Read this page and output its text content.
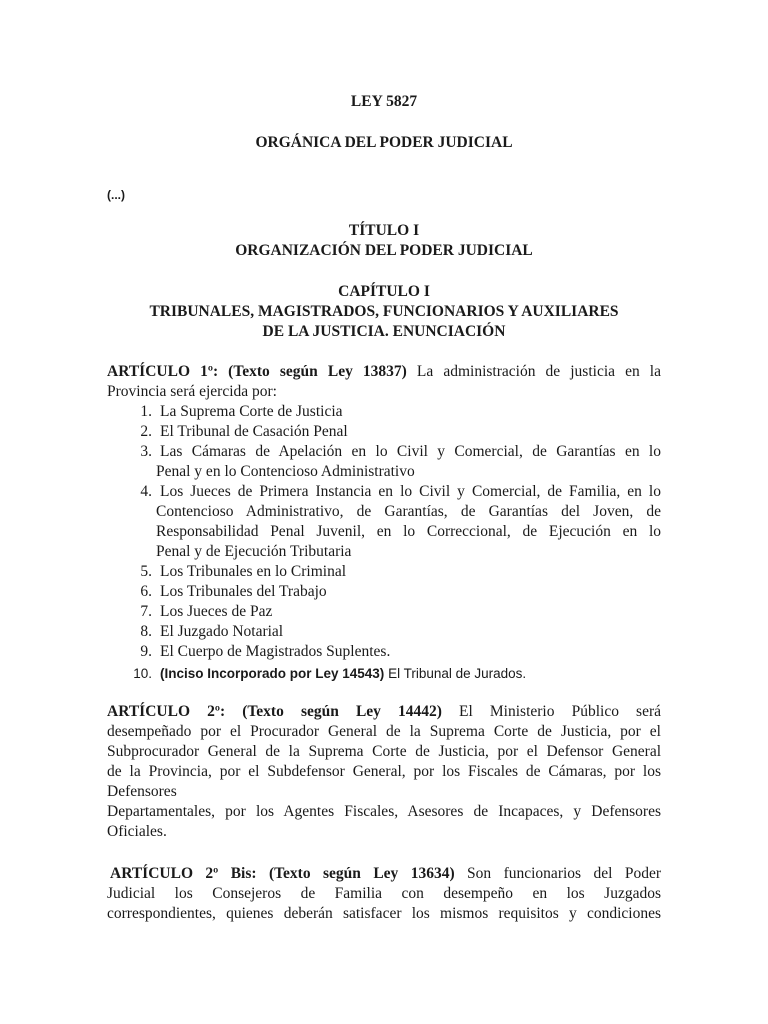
LEY 5827
ORGÁNICA DEL PODER JUDICIAL
(...)
TÍTULO I
ORGANIZACIÓN DEL PODER JUDICIAL
CAPÍTULO I
TRIBUNALES, MAGISTRADOS, FUNCIONARIOS Y AUXILIARES
DE LA JUSTICIA. ENUNCIACIÓN
ARTÍCULO 1º: (Texto según Ley 13837) La administración de justicia en la
Provincia será ejercida por:
1. La Suprema Corte de Justicia
2. El Tribunal de Casación Penal
3. Las Cámaras de Apelación en lo Civil y Comercial, de Garantías en lo
Penal y en lo Contencioso Administrativo
4. Los Jueces de Primera Instancia en lo Civil y Comercial, de Familia, en lo
Contencioso Administrativo, de Garantías, de Garantías del Joven, de
Responsabilidad Penal Juvenil, en lo Correccional, de Ejecución en lo
Penal y de Ejecución Tributaria
5. Los Tribunales en lo Criminal
6. Los Tribunales del Trabajo
7. Los Jueces de Paz
8. El Juzgado Notarial
9. El Cuerpo de Magistrados Suplentes.
10. (Inciso Incorporado por Ley 14543) El Tribunal de Jurados.
ARTÍCULO 2º: (Texto según Ley 14442) El Ministerio Público será
desempeñado por el Procurador General de la Suprema Corte de Justicia, por el
Subprocurador General de la Suprema Corte de Justicia, por el Defensor General
de la Provincia, por el Subdefensor General, por los Fiscales de Cámaras, por los
Defensores
Departamentales, por los Agentes Fiscales, Asesores de Incapaces, y Defensores
Oficiales.
ARTÍCULO 2º Bis: (Texto según Ley 13634) Son funcionarios del Poder
Judicial los Consejeros de Familia con desempeño en los Juzgados
correspondientes, quienes deberán satisfacer los mismos requisitos y condiciones
